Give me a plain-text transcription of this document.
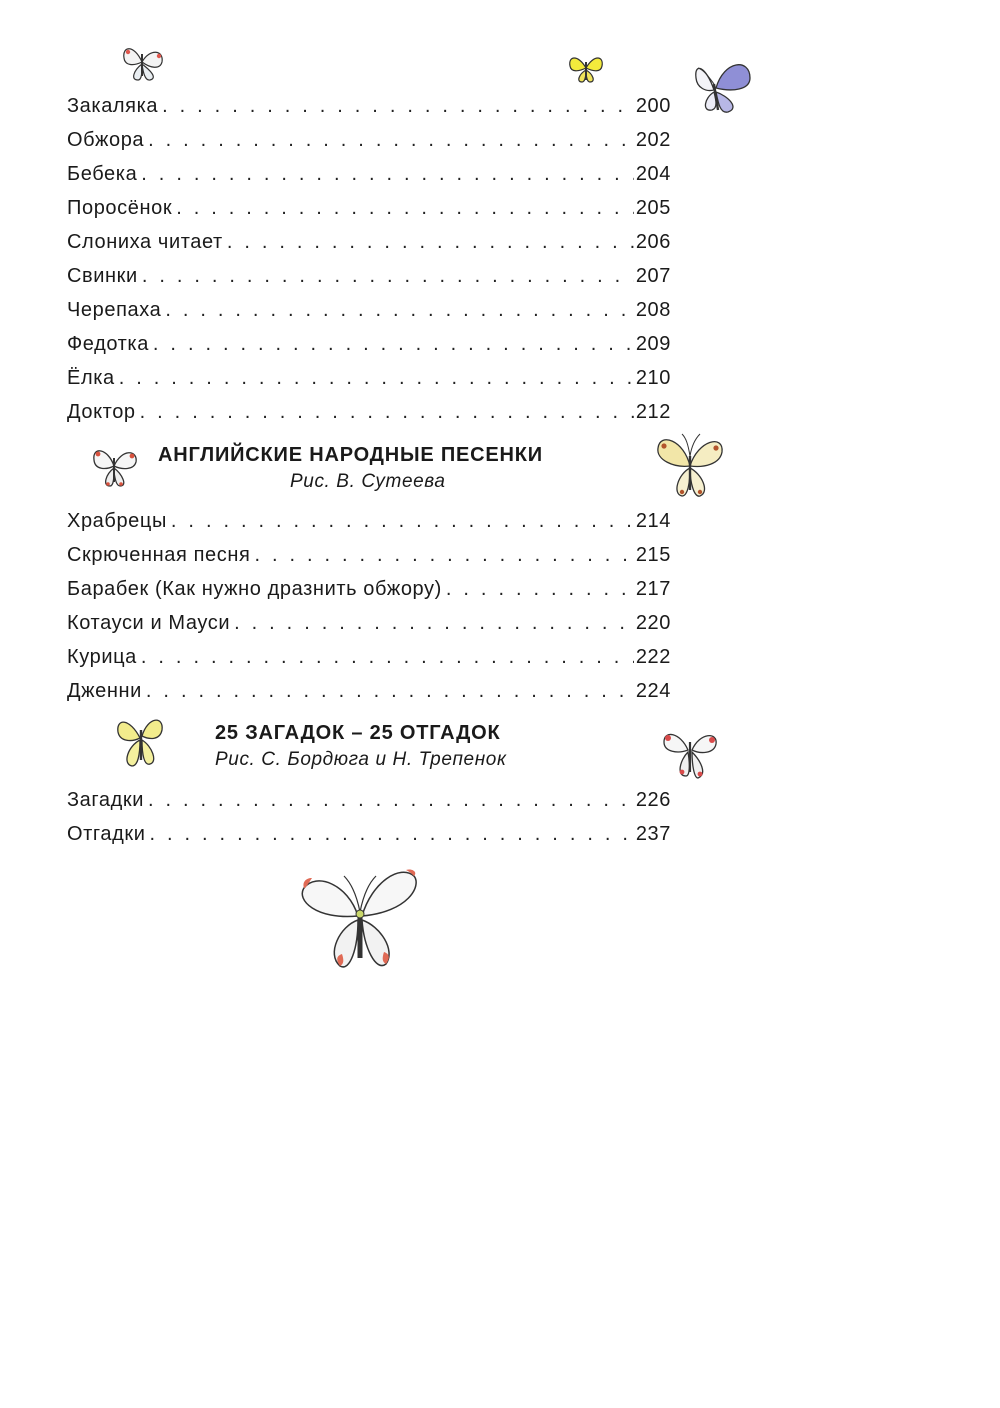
Закаляка . . .	200
Обжора . . .	202
Бебека . . .	204
Поросёнок . . .	205
Слониха читает . . .	206
Свинки . . .	207
Черепаха . . .	208
Федотка . . .	209
Ёлка . . .	210
Доктор . . .	212
АНГЛИЙСКИЕ НАРОДНЫЕ ПЕСЕНКИ
Рис. В. Сутеева
Храбрецы . . .	214
Скрюченная песня . . .	215
Барабек (Как нужно дразнить обжору) . . .	217
Котауси и Мауси . . .	220
Курица . . .	222
Дженни . . .	224
25 ЗАГАДОК – 25 ОТГАДОК
Рис. С. Бордюга и Н. Трепенок
Загадки . . .	226
Отгадки . . .	237
